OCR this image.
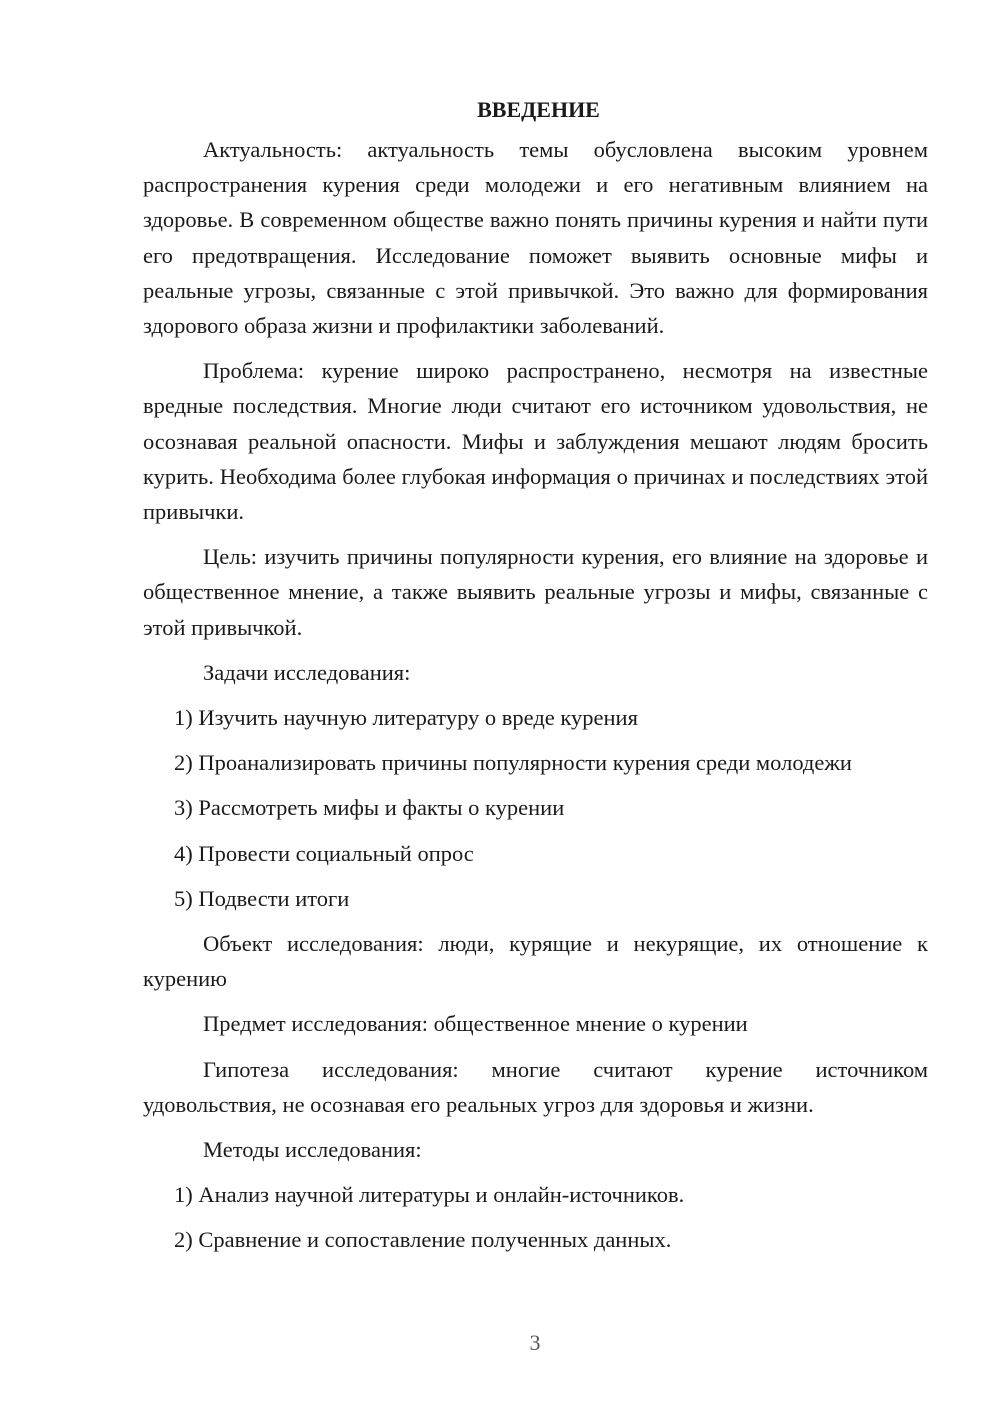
ВВЕДЕНИЕ

Актуальность: актуальность темы обусловлена высоким уровнем распространения курения среди молодежи и его негативным влиянием на здоровье. В современном обществе важно понять причины курения и найти пути его предотвращения. Исследование поможет выявить основные мифы и реальные угрозы, связанные с этой привычкой. Это важно для формирования здорового образа жизни и профилактики заболеваний.

Проблема: курение широко распространено, несмотря на известные вредные последствия. Многие люди считают его источником удовольствия, не осознавая реальной опасности. Мифы и заблуждения мешают людям бросить курить. Необходима более глубокая информация о причинах и последствиях этой привычки.

Цель: изучить причины популярности курения, его влияние на здоровье и общественное мнение, а также выявить реальные угрозы и мифы, связанные с этой привычкой.

Задачи исследования:

1) Изучить научную литературу о вреде курения

2) Проанализировать причины популярности курения среди молодежи

3) Рассмотреть мифы и факты о курении

4) Провести социальный опрос

5) Подвести итоги

Объект исследования: люди, курящие и некурящие, их отношение к курению

Предмет исследования: общественное мнение о курении

Гипотеза исследования: многие считают курение источником удовольствия, не осознавая его реальных угроз для здоровья и жизни.

Методы исследования:

1) Анализ научной литературы и онлайн-источников.

2) Сравнение и сопоставление полученных данных.

3
